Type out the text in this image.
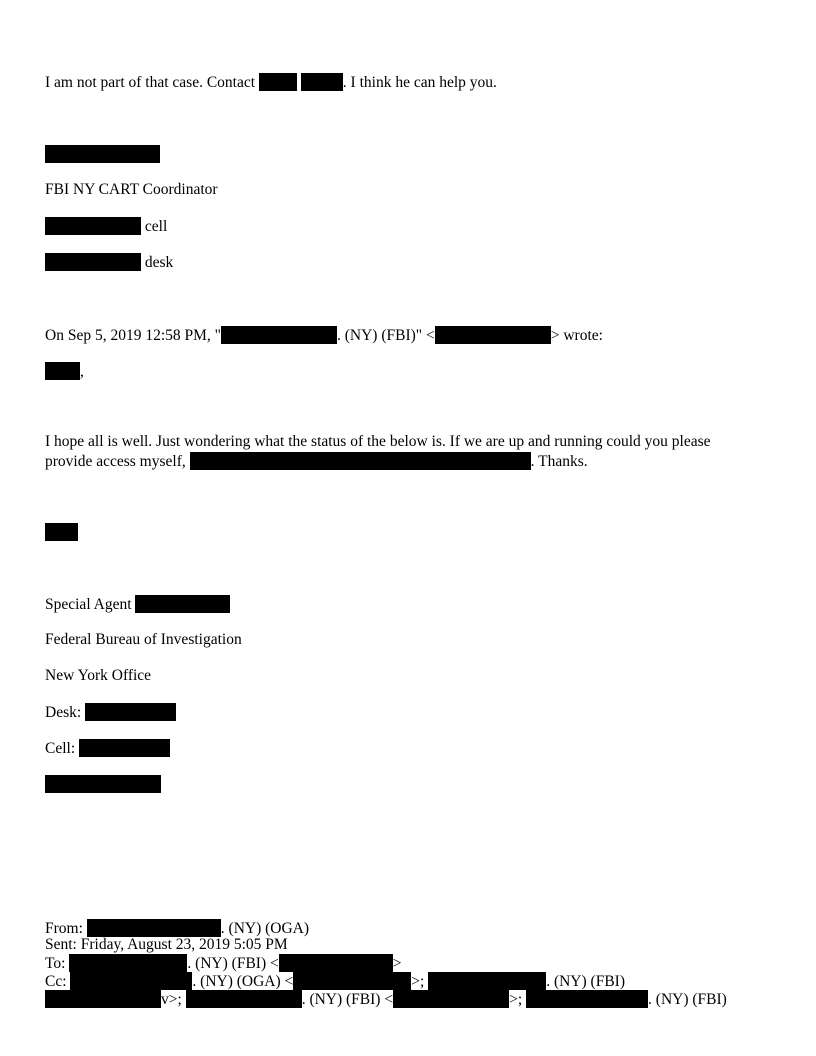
I am not part of that case. Contact	. I think he can help you.
FBI NY CART Coordinator
cell
desk
On Sep 5, 2019 12:58 PM, "	. (NY) (FBI)" <	> wrote:
,
I hope all is well. Just wondering what the status of the below is. If we are up and running could you please
provide access myself,	. Thanks.
Special Agent
Federal Bureau of Investigation
New York Office
Desk:
Cell:
From:	. (NY) (OGA)
Sent: Friday, August 23, 2019 5:05 PM
To:	. (NY) (FBI) <	>
Cc:	. (NY) (OGA) <	>;	. (NY) (FBI)
v>;	. (NY) (FBI) <	>;	. (NY) (FBI)
